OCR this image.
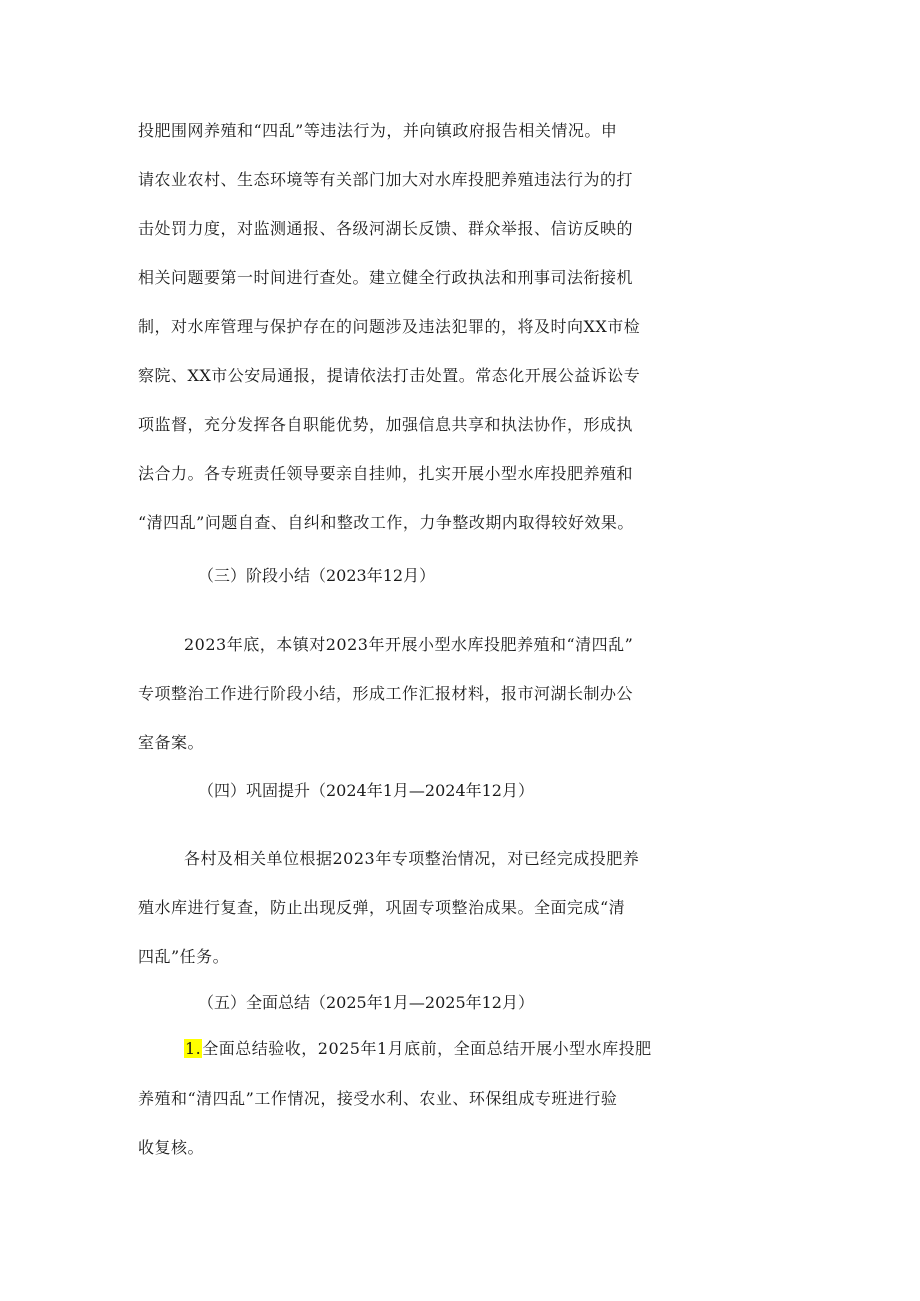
投肥围网养殖和“四乱”等违法行为，并向镇政府报告相关情况。申
请农业农村、生态环境等有关部门加大对水库投肥养殖违法行为的打
击处罚力度，对监测通报、各级河湖长反馈、群众举报、信访反映的
相关问题要第一时间进行查处。建立健全行政执法和刑事司法衔接机
制，对水库管理与保护存在的问题涉及违法犯罪的，将及时向XX市检
察院、XX市公安局通报，提请依法打击处置。常态化开展公益诉讼专
项监督，充分发挥各自职能优势，加强信息共享和执法协作，形成执
法合力。各专班责任领导要亲自挂帅，扎实开展小型水库投肥养殖和
“清四乱”问题自查、自纠和整改工作，力争整改期内取得较好效果。
（三）阶段小结（2023年12月）
2023年底，本镇对2023年开展小型水库投肥养殖和“清四乱”
专项整治工作进行阶段小结，形成工作汇报材料，报市河湖长制办公
室备案。
（四）巩固提升（2024年1月—2024年12月）
各村及相关单位根据2023年专项整治情况，对已经完成投肥养
殖水库进行复查，防止出现反弹，巩固专项整治成果。全面完成“清
四乱”任务。
（五）全面总结（2025年1月—2025年12月）
1.全面总结验收，2025年1月底前，全面总结开展小型水库投肥
养殖和“清四乱”工作情况，接受水利、农业、环保组成专班进行验
收复核。
